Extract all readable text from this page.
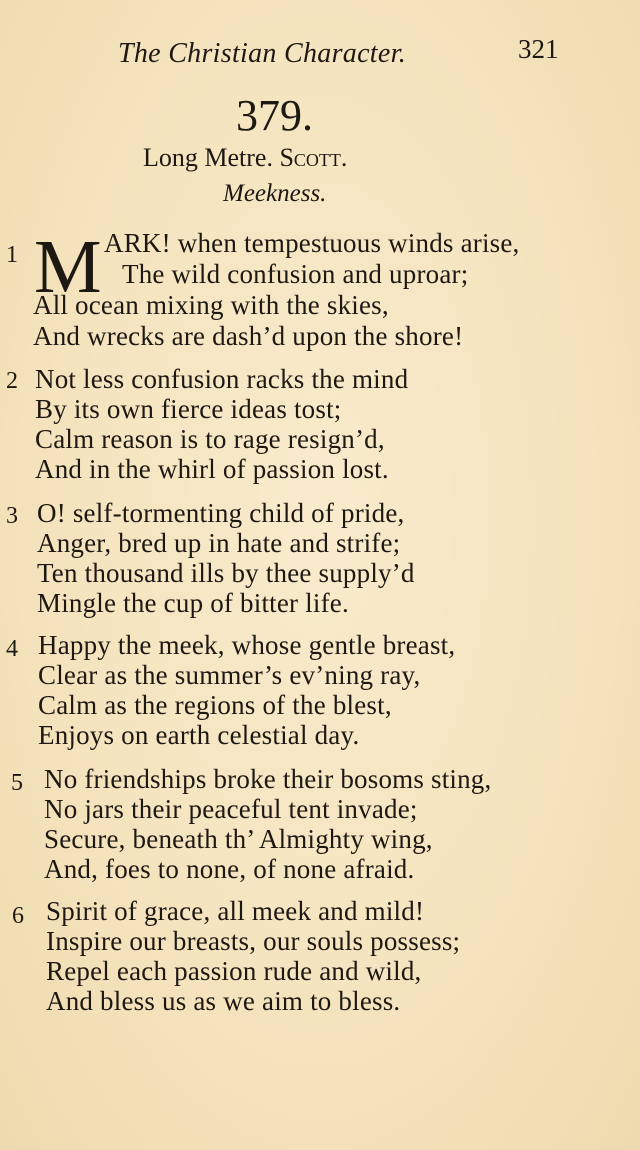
The Christian Character.	321
379.
Long Metre. Scott.
Meekness.
1 M ARK! when tempestuous winds arise,
The wild confusion and uproar;
All ocean mixing with the skies,
And wrecks are dash’d upon the shore!
2 Not less confusion racks the mind
By its own fierce ideas tost;
Calm reason is to rage resign’d,
And in the whirl of passion lost.
3 O! self-tormenting child of pride,
Anger, bred up in hate and strife;
Ten thousand ills by thee supply’d
Mingle the cup of bitter life.
4 Happy the meek, whose gentle breast,
Clear as the summer’s ev’ning ray,
Calm as the regions of the blest,
Enjoys on earth celestial day.
5 No friendships broke their bosoms sting,
No jars their peaceful tent invade;
Secure, beneath th’ Almighty wing,
And, foes to none, of none afraid.
6 Spirit of grace, all meek and mild!
Inspire our breasts, our souls possess;
Repel each passion rude and wild,
And bless us as we aim to bless.
